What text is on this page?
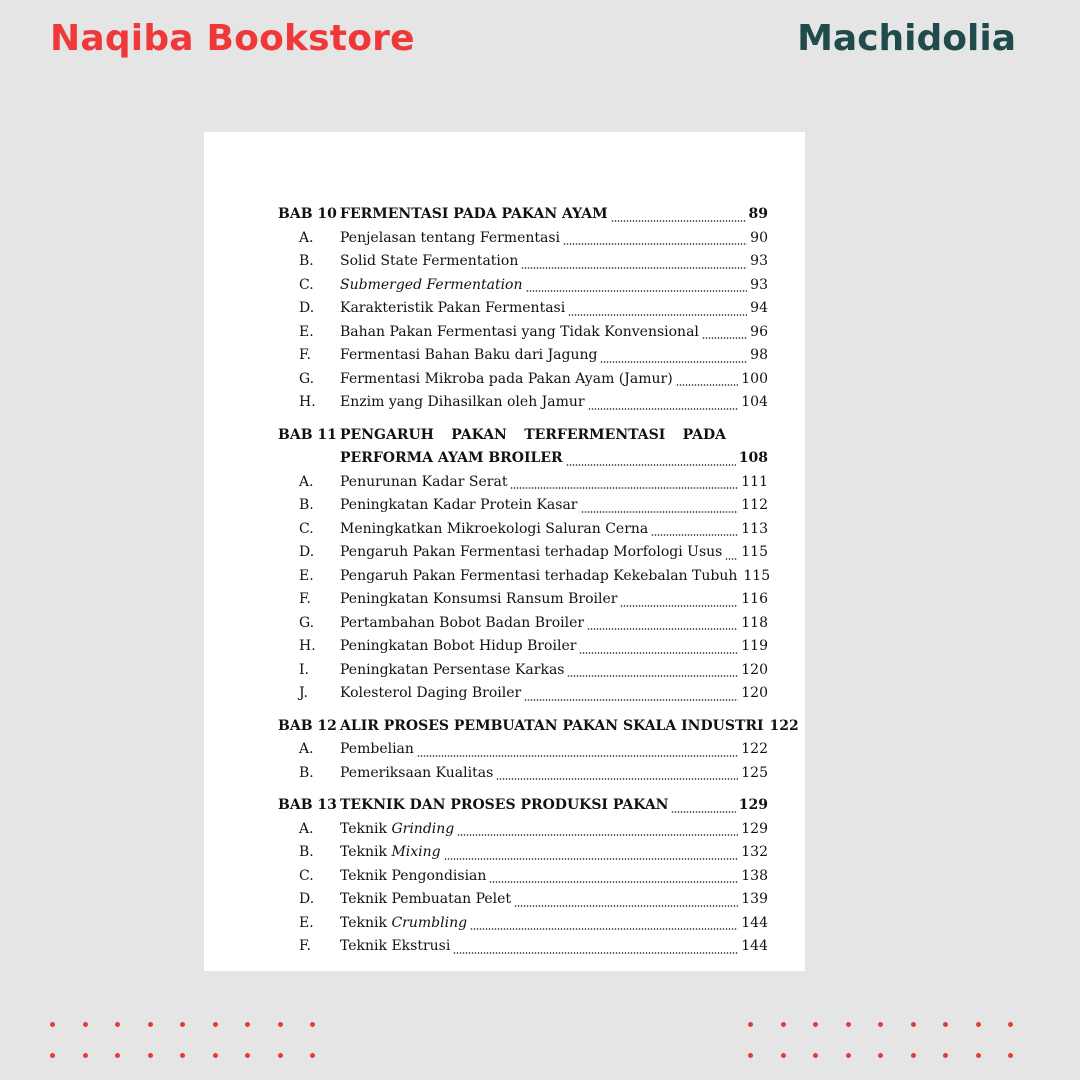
Naqiba Bookstore	Machidolia
BAB 10 FERMENTASI PADA PAKAN AYAM	89
A.	Penjelasan tentang Fermentasi	90
B.	Solid State Fermentation	93
C.	Submerged Fermentation	93
D.	Karakteristik Pakan Fermentasi	94
E.	Bahan Pakan Fermentasi yang Tidak Konvensional	96
F.	Fermentasi Bahan Baku dari Jagung	98
G.	Fermentasi Mikroba pada Pakan Ayam (Jamur)	100
H.	Enzim yang Dihasilkan oleh Jamur	104
BAB 11 PENGARUH PAKAN TERFERMENTASI PADA
PERFORMA AYAM BROILER	108
A.	Penurunan Kadar Serat	111
B.	Peningkatan Kadar Protein Kasar	112
C.	Meningkatkan Mikroekologi Saluran Cerna	113
D.	Pengaruh Pakan Fermentasi terhadap Morfologi Usus 115
E.	Pengaruh Pakan Fermentasi terhadap Kekebalan Tubuh 115
F.	Peningkatan Konsumsi Ransum Broiler	116
G.	Pertambahan Bobot Badan Broiler	118
H.	Peningkatan Bobot Hidup Broiler	119
I.	Peningkatan Persentase Karkas	120
J.	Kolesterol Daging Broiler	120
BAB 12 ALIR PROSES PEMBUATAN PAKAN SKALA INDUSTRI 122
A.	Pembelian	122
B.	Pemeriksaan Kualitas	125
BAB 13 TEKNIK DAN PROSES PRODUKSI PAKAN	129
A.	Teknik Grinding	129
B.	Teknik Mixing	132
C.	Teknik Pengondisian	138
D.	Teknik Pembuatan Pelet	139
E.	Teknik Crumbling	144
F.	Teknik Ekstrusi	144
